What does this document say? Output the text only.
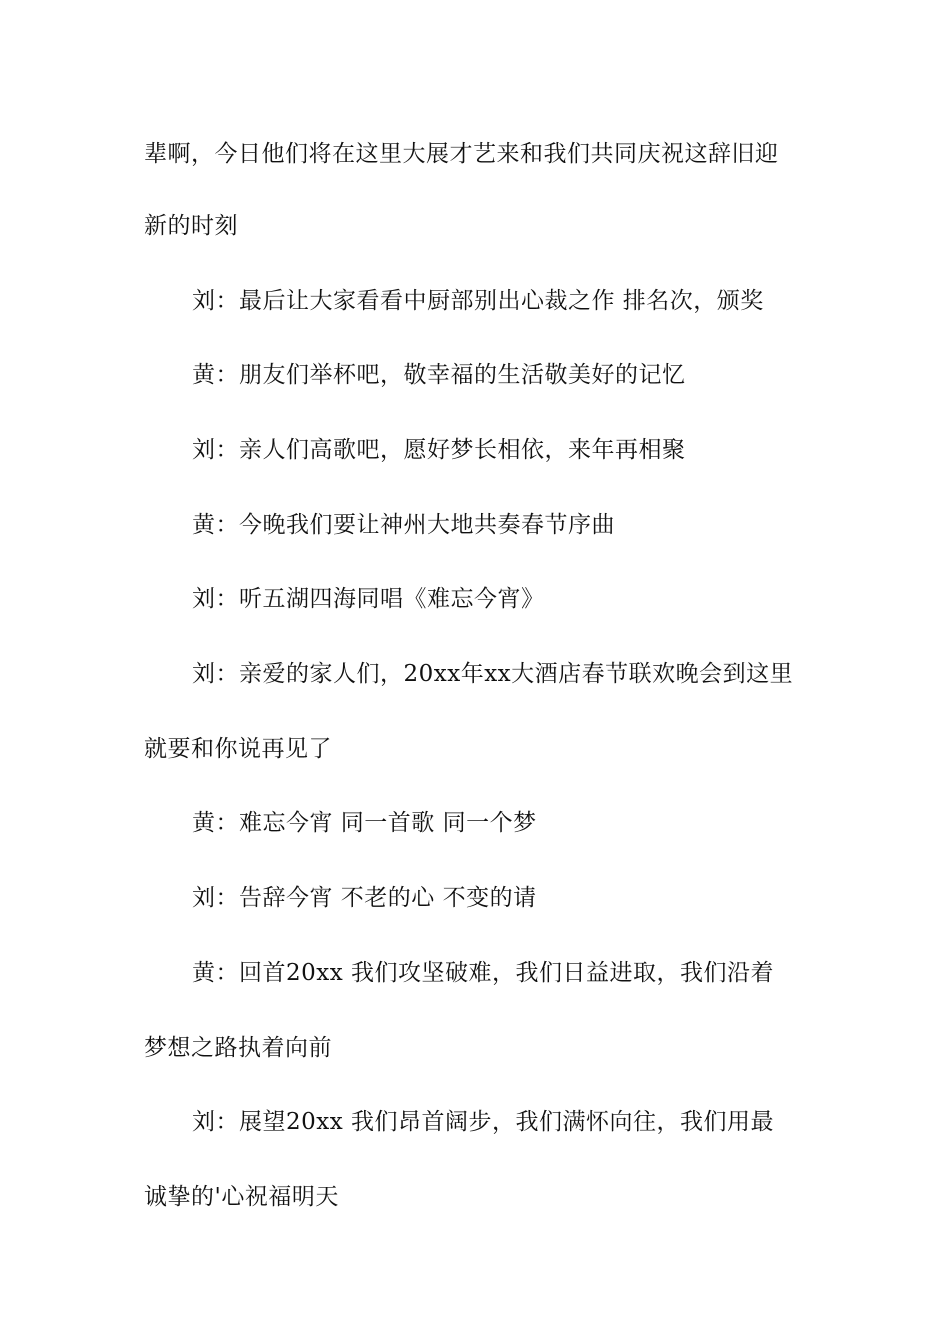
辈啊，今日他们将在这里大展才艺来和我们共同庆祝这辞旧迎
新的时刻
刘：最后让大家看看中厨部别出心裁之作 排名次，颁奖
黄：朋友们举杯吧，敬幸福的生活敬美好的记忆
刘：亲人们高歌吧，愿好梦长相依，来年再相聚
黄：今晚我们要让神州大地共奏春节序曲
刘：听五湖四海同唱《难忘今宵》
刘：亲爱的家人们，20xx年xx大酒店春节联欢晚会到这里
就要和你说再见了
黄：难忘今宵 同一首歌 同一个梦
刘：告辞今宵 不老的心 不变的请
黄：回首20xx 我们攻坚破难，我们日益进取，我们沿着
梦想之路执着向前
刘：展望20xx 我们昂首阔步，我们满怀向往，我们用最
诚挚的'心祝福明天
